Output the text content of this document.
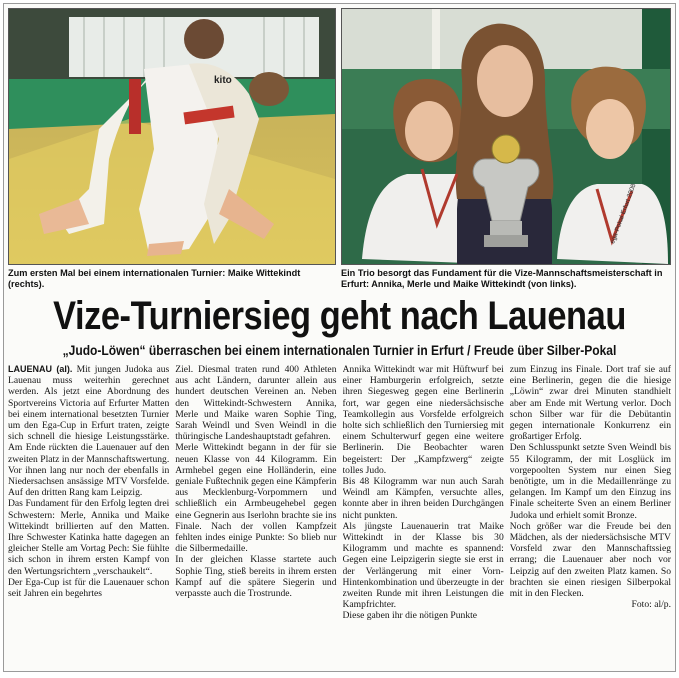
kito
ega-Pokal Erfurt 2008
Zum ersten Mal bei einem internationalen Turnier: Maike Wittekindt (rechts).
Ein Trio besorgt das Fundament für die Vize-Mannschaftsmeisterschaft in Erfurt: Annika, Merle und Maike Wittekindt (von links).
Vize-Turniersieg geht nach Lauenau
„Judo-Löwen“ überraschen bei einem internationalen Turnier in Erfurt / Freude über Silber-Pokal

LAUENAU (al). Mit jungen Judoka aus Lauenau muss weiterhin gerechnet werden. Als jetzt eine Abordnung des Sportvereins Victoria auf Erfurter Matten bei einem international besetzten Turnier um den Ega-Cup in Erfurt traten, zeigte sich schnell die hiesige Leistungsstärke. Am Ende rückten die Lauenauer auf den zweiten Platz in der Mannschaftswertung. Vor ihnen lang nur noch der ebenfalls in Niedersachsen ansässige MTV Vorsfelde. Auf den dritten Rang kam Leipzig.

Das Fundament für den Erfolg legten drei Schwestern: Merle, Annika und Maike Wittekindt brillierten auf den Matten. Ihre Schwester Katinka hatte dagegen an gleicher Stelle am Vortag Pech: Sie fühlte sich schon in ihrem ersten Kampf von den Wertungsrichtern „verschaukelt“.

Der Ega-Cup ist für die Lauenauer schon seit Jahren ein begehrtes

Ziel. Diesmal traten rund 400 Athleten aus acht Ländern, darunter allein aus hundert deutschen Vereinen an. Neben den Wittekindt-Schwestern Annika, Merle und Maike waren Sophie Ting, Sarah Weindl und Sven Weindl in die thüringische Landeshauptstadt gefahren.

Merle Wittekindt begann in der für sie neuen Klasse von 44 Kilogramm. Ein Armhebel gegen eine Holländerin, eine geniale Fußtechnik gegen eine Kämpferin aus Mecklenburg-Vorpommern und schließlich ein Armbeugehebel gegen eine Gegnerin aus Iserlohn brachte sie ins Finale. Nach der vollen Kampfzeit fehlten indes einige Punkte: So blieb nur die Silbermedaille.

In der gleichen Klasse startete auch Sophie Ting, stieß bereits in ihrem ersten Kampf auf die spätere Siegerin und verpasste auch die Trostrunde.

Annika Wittekindt war mit Hüftwurf bei einer Hamburgerin erfolgreich, setzte ihren Siegesweg gegen eine Berlinerin fort, war gegen eine niedersächsische Teamkollegin aus Vorsfelde erfolgreich holte sich schließlich den Turniersieg mit einem Schulterwurf gegen eine weitere Berlinerin. Die Beobachter waren begeistert: Der „Kampfzwerg“ zeigte tolles Judo.

Bis 48 Kilogramm war nun auch Sarah Weindl am Kämpfen, versuchte alles, konnte aber in ihren beiden Durchgängen nicht punkten.

Als jüngste Lauenauerin trat Maike Wittekindt in der Klasse bis 30 Kilogramm und machte es spannend: Gegen eine Leipzigerin siegte sie erst in der Verlängerung mit einer Vorn-Hintenkombination und überzeugte in der zweiten Runde mit ihren Leistungen die Kampfrichter.

Diese gaben ihr die nötigen Punkte

zum Einzug ins Finale. Dort traf sie auf eine Berlinerin, gegen die die hiesige „Löwin“ zwar drei Minuten standhielt aber am Ende mit Wertung verlor. Doch schon Silber war für die Debütantin gegen internationale Konkurrenz ein großartiger Erfolg.

Den Schlusspunkt setzte Sven Weindl bis 55 Kilogramm, der mit Losglück im vorgepoolten System nur einen Sieg benötigte, um in die Medaillenränge zu gelangen. Im Kampf um den Einzug ins Finale scheiterte Sven an einem Berliner Judoka und erhielt somit Bronze.

Noch größer war die Freude bei den Mädchen, als der niedersächsische MTV Vorsfeld zwar den Mannschaftssieg errang; die Lauenauer aber noch vor Leipzig auf den zweiten Platz kamen. So brachten sie einen riesigen Silberpokal mit in den Flecken.

Foto: al/p.
